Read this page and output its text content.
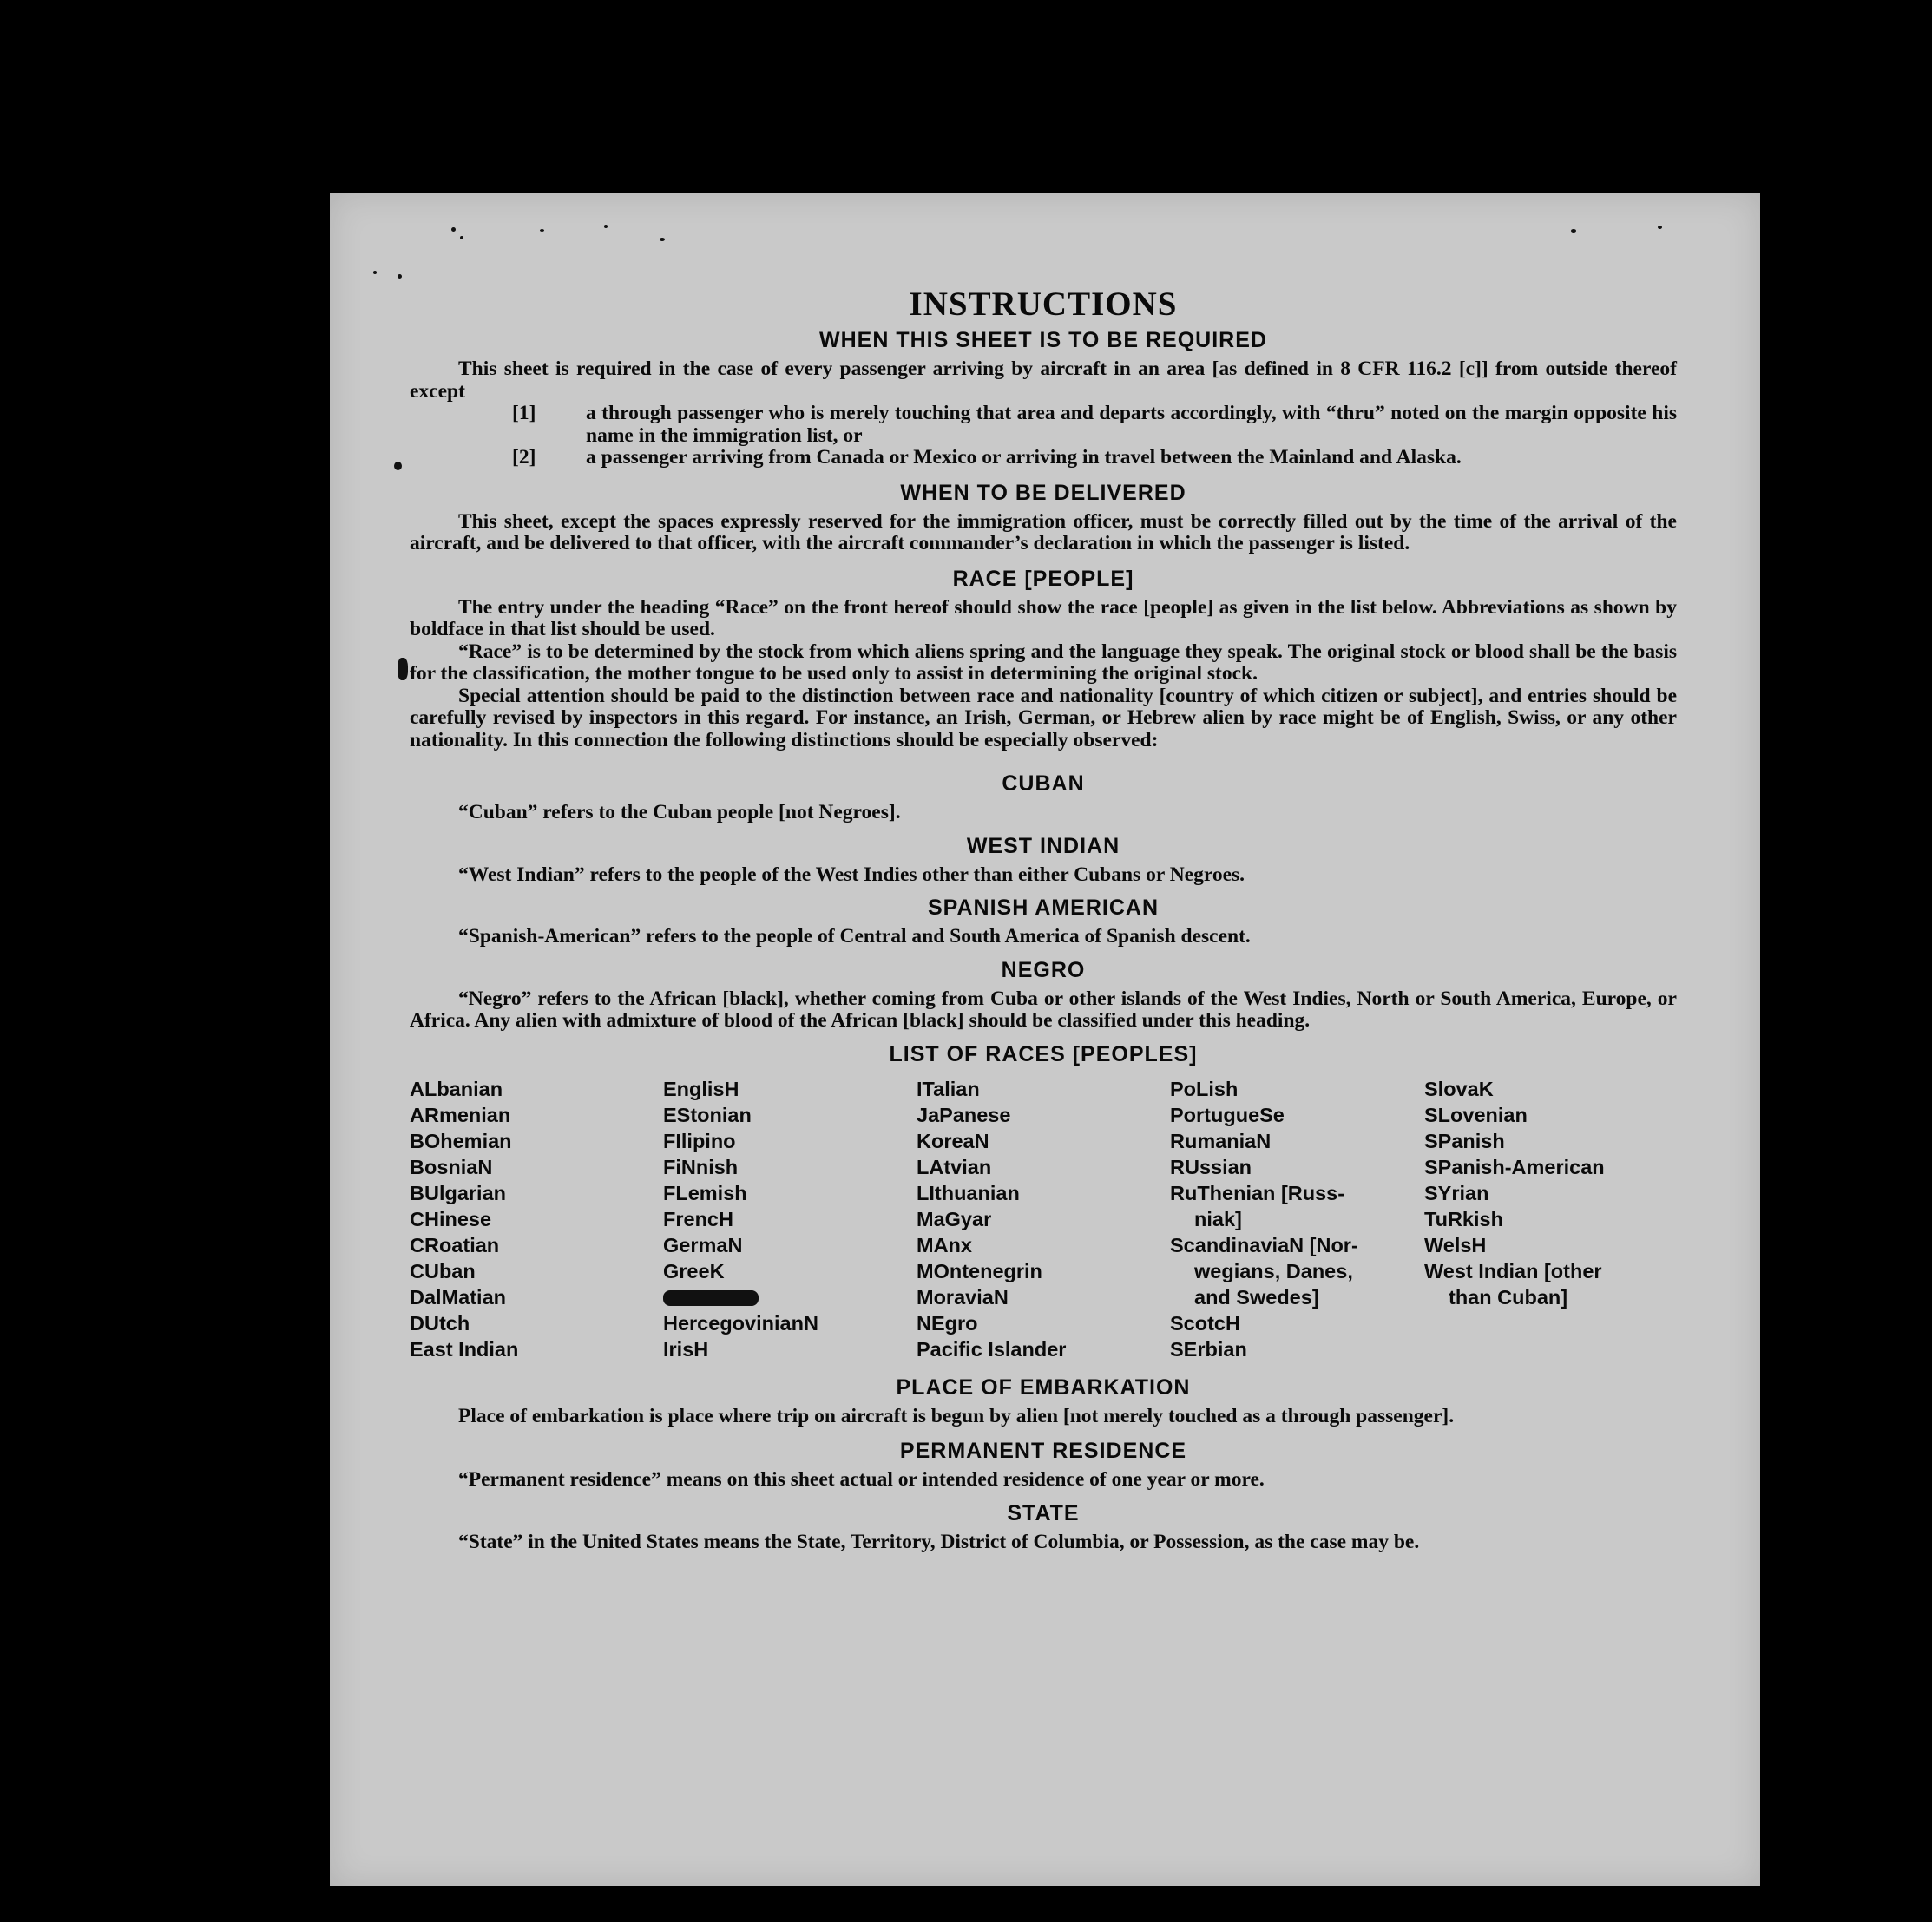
INSTRUCTIONS
WHEN THIS SHEET IS TO BE REQUIRED

This sheet is required in the case of every passenger arriving by aircraft in an area [as defined in 8 CFR 116.2 [c]] from outside thereof except

[1] a through passenger who is merely touching that area and departs accordingly, with “thru” noted on the margin opposite his name in the immigration list, or

[2] a passenger arriving from Canada or Mexico or arriving in travel between the Mainland and Alaska.

WHEN TO BE DELIVERED

This sheet, except the spaces expressly reserved for the immigration officer, must be correctly filled out by the time of the arrival of the aircraft, and be delivered to that officer, with the aircraft commander’s declaration in which the passenger is listed.

RACE [PEOPLE]

The entry under the heading “Race” on the front hereof should show the race [people] as given in the list below. Abbreviations as shown by boldface in that list should be used.

“Race” is to be determined by the stock from which aliens spring and the language they speak. The original stock or blood shall be the basis for the classification, the mother tongue to be used only to assist in determining the original stock.

Special attention should be paid to the distinction between race and nationality [country of which citizen or subject], and entries should be carefully revised by inspectors in this regard. For instance, an Irish, German, or Hebrew alien by race might be of English, Swiss, or any other nationality. In this connection the following distinctions should be especially observed:

CUBAN

“Cuban” refers to the Cuban people [not Negroes].

WEST INDIAN

“West Indian” refers to the people of the West Indies other than either Cubans or Negroes.

SPANISH AMERICAN

“Spanish-American” refers to the people of Central and South America of Spanish descent.

NEGRO

“Negro” refers to the African [black], whether coming from Cuba or other islands of the West Indies, North or South America, Europe, or Africa. Any alien with admixture of blood of the African [black] should be classified under this heading.

LIST OF RACES [PEOPLES]
ALbanian
ARmenian
BOhemian
BosniaN
BUlgarian
CHinese
CRoatian
CUban
DalMatian
DUtch
East Indian
EnglisH
EStonian
FIlipino
FiNnish
FLemish
FrencH
GermaN
GreeK
HercegovinianN
IrisH
ITalian
JaPanese
KoreaN
LAtvian
LIthuanian
MaGyar
MAnx
MOntenegrin
MoraviaN
NEgro
Pacific Islander
PoLish
PortugueSe
RumaniaN
RUssian
RuThenian [Russ-
niak]
ScandinaviaN [Nor-
wegians, Danes,
and Swedes]
ScotcH
SErbian
SlovaK
SLovenian
SPanish
SPanish-American
SYrian
TuRkish
WelsH
West Indian [other
than Cuban]
PLACE OF EMBARKATION

Place of embarkation is place where trip on aircraft is begun by alien [not merely touched as a through passenger].

PERMANENT RESIDENCE

“Permanent residence” means on this sheet actual or intended residence of one year or more.

STATE

“State” in the United States means the State, Territory, District of Columbia, or Possession, as the case may be.
